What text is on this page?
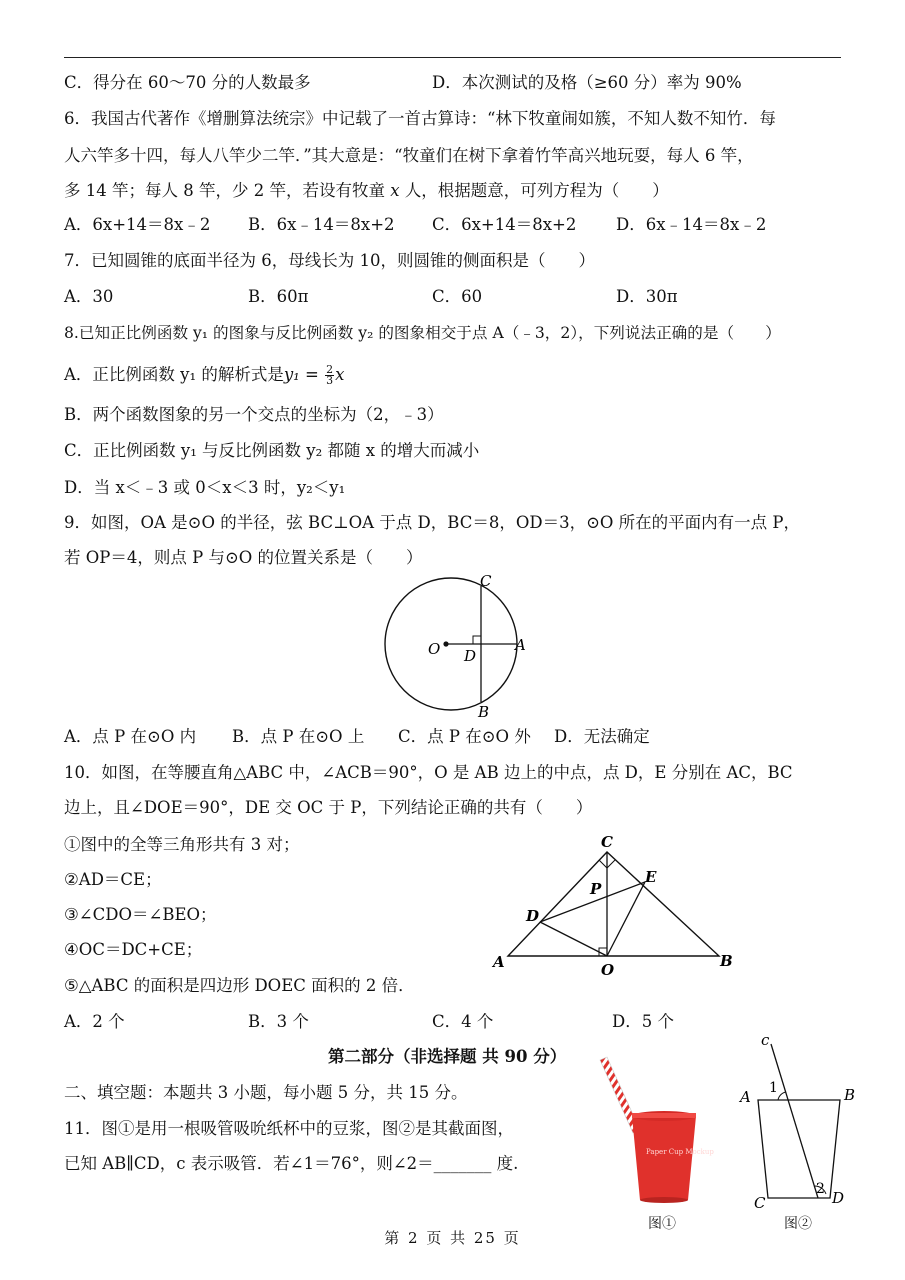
C．得分在 60～70 分的人数最多	D．本次测试的及格（≥60 分）率为 90%
6．我国古代著作《增删算法统宗》中记载了一首古算诗：“林下牧童闹如簇，不知人数不知竹．每
人六竿多十四，每人八竿少二竿．”其大意是：“牧童们在树下拿着竹竿高兴地玩耍，每人 6 竿，
多 14 竿；每人 8 竿，少 2 竿，若设有牧童 x 人，根据题意，可列方程为（　　）
A．6x+14＝8x﹣2 B．6x﹣14＝8x+2 C．6x+14＝8x+2 D．6x﹣14＝8x﹣2
7．已知圆锥的底面半径为 6，母线长为 10，则圆锥的侧面积是（　　）
A．30	B．60π	C．60	D．30π
8.已知正比例函数 y₁ 的图象与反比例函数 y₂ 的图象相交于点 A（﹣3，2），下列说法正确的是（　　）
A．正比例函数 y₁ 的解析式是$y_1 = \frac{2}{3}$ x
B．两个函数图象的另一个交点的坐标为（2，﹣3）
C．正比例函数 y₁ 与反比例函数 y₂ 都随 x 的增大而减小
D．当 x＜﹣3 或 0＜x＜3 时，y₂＜y₁
9．如图，OA 是⊙O 的半径，弦 BC⊥OA 于点 D，BC＝8，OD＝3，⊙O 所在的平面内有一点 P，
若 OP＝4，则点 P 与⊙O 的位置关系是（　　）
O D
A
C
B
A．点 P 在⊙O 内 B．点 P 在⊙O 上 C．点 P 在⊙O 外 D．无法确定
10．如图，在等腰直角△ABC 中，∠ACB＝90°，O 是 AB 边上的中点，点 D，E 分别在 AC，BC
边上，且∠DOE＝90°，DE 交 OC 于 P，下列结论正确的共有（　　）
①图中的全等三角形共有 3 对；
②AD＝CE；
③∠CDO＝∠BEO；
④OC＝DC+CE；
⑤△ABC 的面积是四边形 DOEC 面积的 2 倍．
C
A	B
O
D
E
P
A．2 个	B．3 个	C．4 个	D．5 个
第二部分（非选择题 共 90 分）
二、填空题：本题共 3 小题，每小题 5 分，共 15 分。
11．图①是用一根吸管吸吮纸杯中的豆浆，图②是其截面图，
已知 AB∥CD，c 表示吸管．若∠1＝76°，则∠2＝_______ 度.
Paper Cup Mockup
图①
c
A	B
C	D
1
2
图②
第 2 页 共 25 页
